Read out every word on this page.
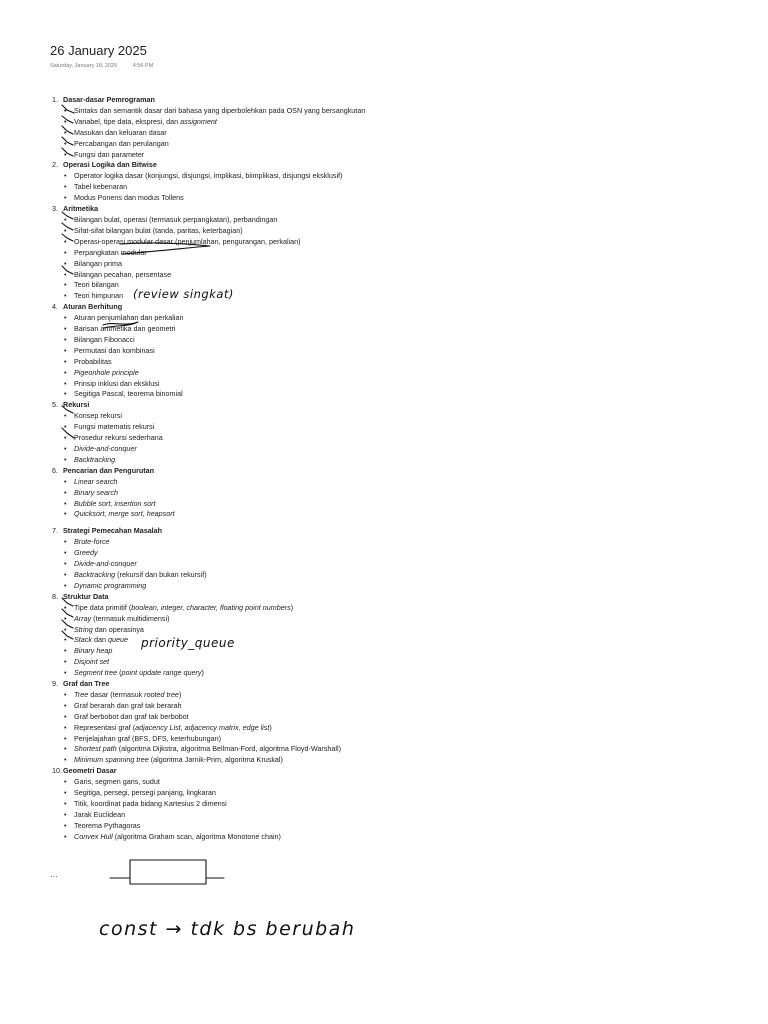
26 January 2025
Saturday, January 18, 2025	4:56 PM
1. Dasar-dasar Pemrograman
• Sintaks dan semantik dasar dari bahasa yang diperbolehkan pada OSN yang bersangkutan
• Variabel, tipe data, ekspresi, dan assignment
• Masukan dan keluaran dasar
• Percabangan dan perulangan
• Fungsi dan parameter
2. Operasi Logika dan Bitwise
• Operator logika dasar (konjungsi, disjungsi, implikasi, biimplikasi, disjungsi eksklusif)
• Tabel kebenaran
• Modus Ponens dan modus Tollens
3. Aritmetika
• Bilangan bulat, operasi (termasuk perpangkatan), perbandingan
• Sifat-sifat bilangan bulat (tanda, paritas, keterbagian)
• Operasi-operasi modular dasar (penjumlahan, pengurangan, perkalian)
• Perpangkatan modular
• Bilangan prima
• Bilangan pecahan, persentase
• Teori bilangan
• Teori himpunan
4. Aturan Berhitung
• Aturan penjumlahan dan perkalian
• Barisan aritmetika dan geometri
• Bilangan Fibonacci
• Permutasi dan kombinasi
• Probabilitas
• Pigeonhole principle
• Prinsip inklusi dan eksklusi
• Segitiga Pascal, teorema binomial
5. Rekursi
• Konsep rekursi
• Fungsi matematis rekursi
• Prosedur rekursi sederhana
• Divide-and-conquer
• Backtracking
6. Pencarian dan Pengurutan
• Linear search
• Binary search
• Bubble sort, insertion sort
• Quicksort, merge sort, heapsort
7. Strategi Pemecahan Masalah
• Brute-force
• Greedy
• Divide-and-conquer
• Backtracking (rekursif dan bukan rekursif)
• Dynamic programming
8. Struktur Data
• Tipe data primitif (boolean, integer, character, floating point numbers)
• Array (termasuk multidimensi)
• String dan operasinya
• Stack dan queue
• Binary heap
• Disjoint set
• Segment tree (point update range query)
9. Graf dan Tree
• Tree dasar (termasuk rooted tree)
• Graf berarah dan graf tak berarah
• Graf berbobot dan graf tak berbobot
• Representasi graf (adjacency List, adjacency matrix, edge list)
• Penjelajahan graf (BFS, DFS, keterhubungan)
• Shortest path (algoritma Dijkstra, algoritma Bellman-Ford, algoritma Floyd-Warshall)
• Minimum spanning tree (algoritma Jarnik-Prim, algoritma Kruskal)
10.Geometri Dasar
• Garis, segmen garis, sudut
• Segitiga, persegi, persegi panjang, lingkaran
• Titik, koordinat pada bidang Kartesius 2 dimensi
• Jarak Euclidean
• Teorema Pythagoras
• Convex Hull (algoritma Graham scan, algoritma Monotone chain)
(review singkat)
priority_queue
…
const → tdk bs berubah
